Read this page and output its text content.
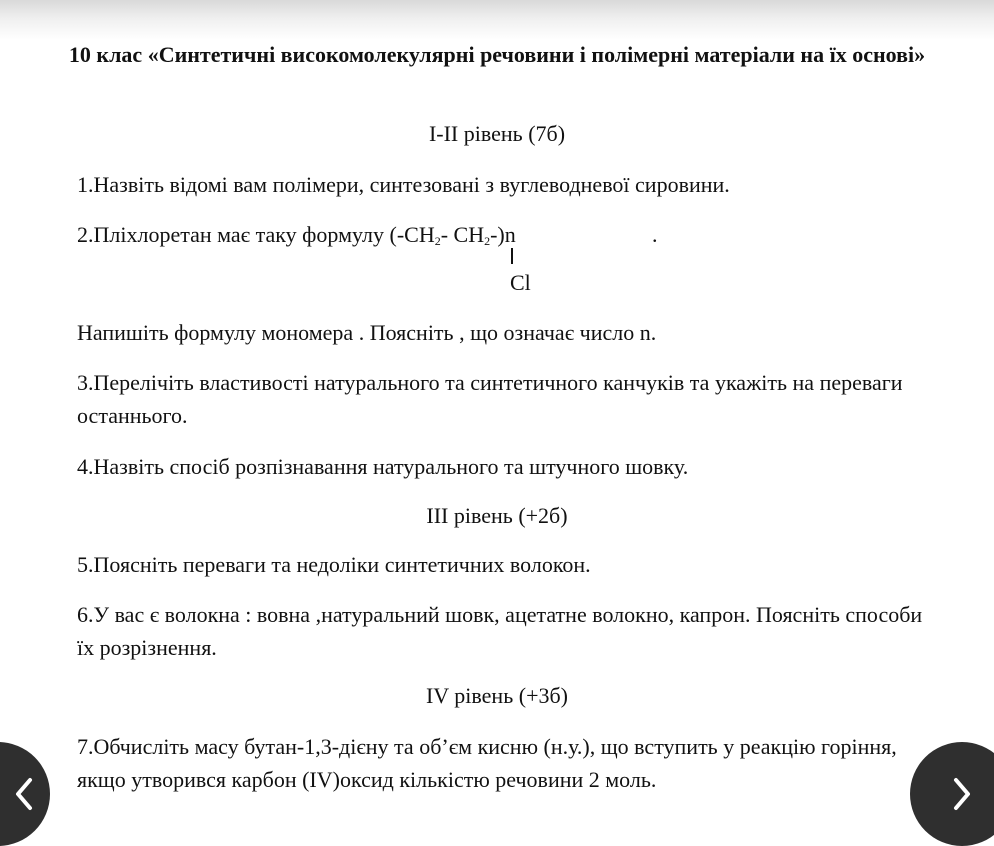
10 клас «Синтетичні високомолекулярні речовини і полімерні матеріали на їх основі»
І-ІІ рівень (7б)
1.Назвіть відомі вам полімери, синтезовані з вуглеводневої сировини.
2.Пліхлоретан має таку формулу ($-CH_2-$ $CH_2-)n$
Cl
.
Напишіть формулу мономера . Поясніть , що означає число n.
3.Перелічіть властивості натурального та синтетичного канчуків та укажіть на переваги останнього.
4.Назвіть спосіб розпізнавання натурального та штучного шовку.
ІІІ рівень (+2б)
5.Поясніть переваги та недоліки синтетичних волокон.
6.У вас є волокна : вовна ,натуральний шовк, ацетатне волокно, капрон. Поясніть способи їх розрізнення.
IV рівень (+3б)
7.Обчисліть масу бутан-1,3-дієну та об’єм кисню (н.у.), що вступить у реакцію горіння, якщо утворився карбон (IV)оксид кількістю речовини 2 моль.
